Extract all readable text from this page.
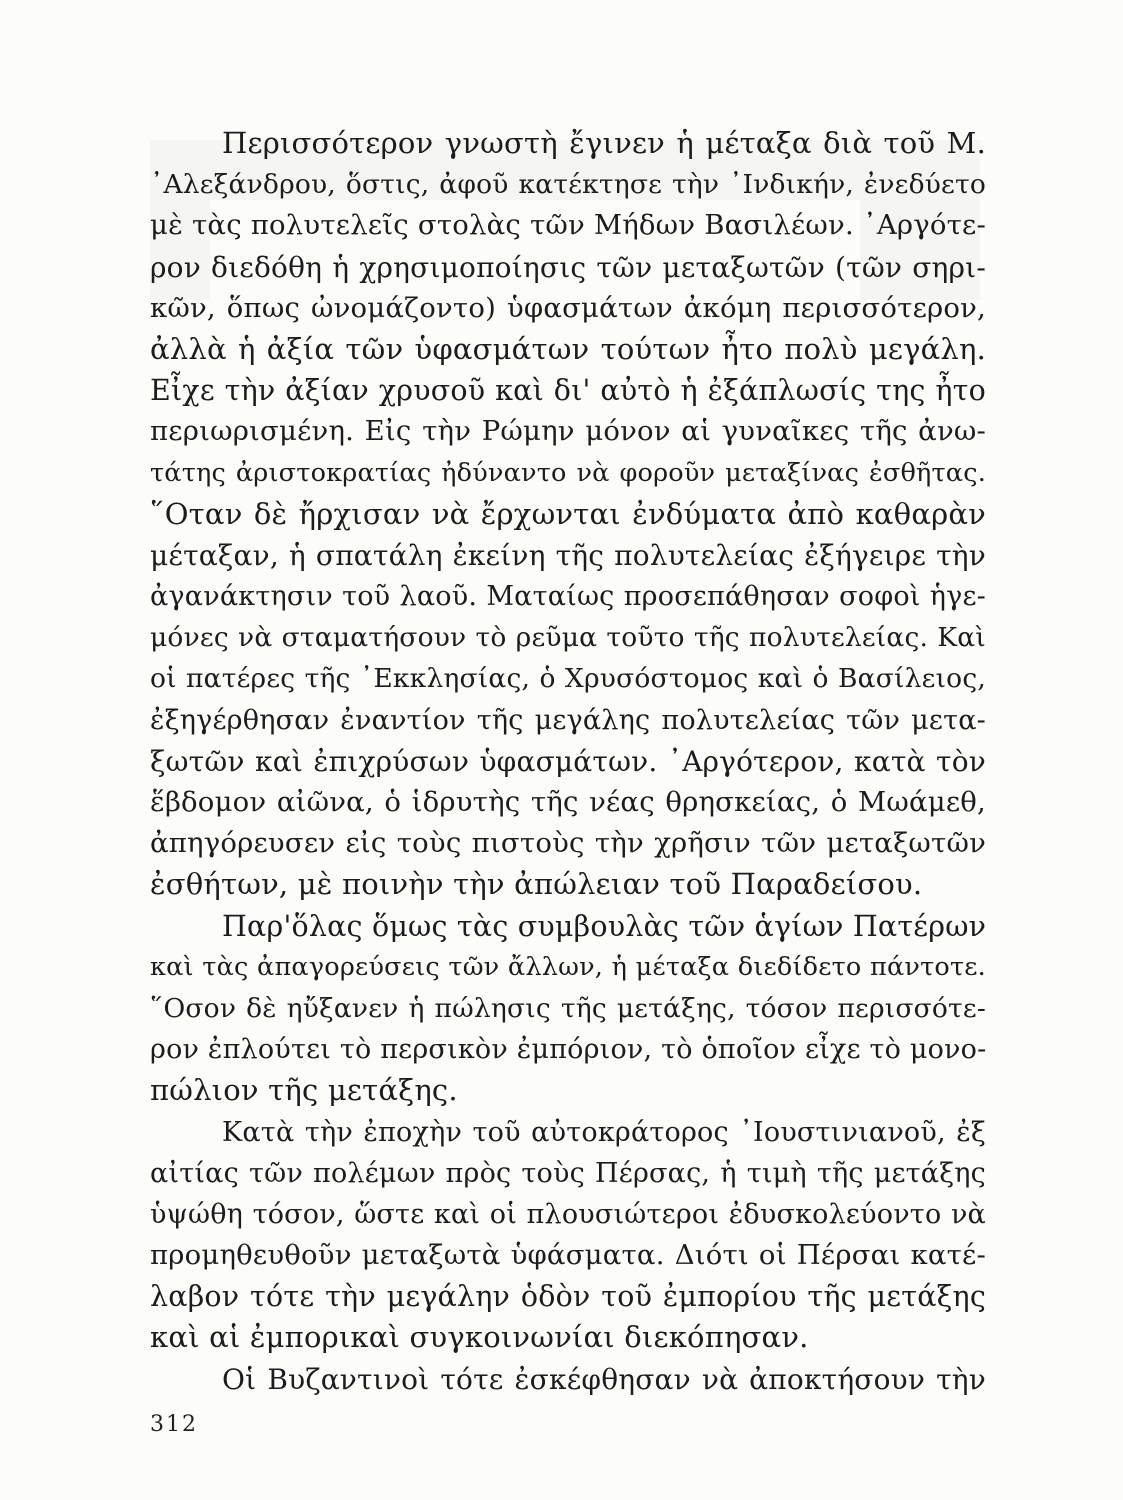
Περισσότερον γνωστὴ ἔγινεν ἡ μέταξα διὰ τοῦ Μ.
᾿Αλεξάνδρου, ὅστις, ἀφοῦ κατέκτησε τὴν ᾿Ινδικήν, ἐνεδύετο
μὲ τὰς πολυτελεῖς στολὰς τῶν Μήδων Βασιλέων. ᾿Αργότε-
ρον διεδόθη ἡ χρησιμοποίησις τῶν μεταξωτῶν (τῶν σηρι-
κῶν, ὅπως ὠνομάζοντο) ὑφασμάτων ἀκόμη περισσότερον,
ἀλλὰ ἡ ἀξία τῶν ὑφασμάτων τούτων ἦτο πολὺ μεγάλη.
Εἶχε τὴν ἀξίαν χρυσοῦ καὶ δι' αὐτὸ ἡ ἐξάπλωσίς της ἦτο
περιωρισμένη. Εἰς τὴν Ρώμην μόνον αἱ γυναῖκες τῆς ἀνω-
τάτης ἀριστοκρατίας ἠδύναντο νὰ φοροῦν μεταξίνας ἐσθῆτας.
῞Οταν δὲ ἤρχισαν νὰ ἔρχωνται ἐνδύματα ἀπὸ καθαρὰν
μέταξαν, ἡ σπατάλη ἐκείνη τῆς πολυτελείας ἐξήγειρε τὴν
ἀγανάκτησιν τοῦ λαοῦ. Ματαίως προσεπάθησαν σοφοὶ ἡγε-
μόνες νὰ σταματήσουν τὸ ρεῦμα τοῦτο τῆς πολυτελείας. Καὶ
οἱ πατέρες τῆς ᾿Εκκλησίας, ὁ Χρυσόστομος καὶ ὁ Βασίλειος,
ἐξηγέρθησαν ἐναντίον τῆς μεγάλης πολυτελείας τῶν μετα-
ξωτῶν καὶ ἐπιχρύσων ὑφασμάτων. ᾿Αργότερον, κατὰ τὸν
ἕβδομον αἰῶνα, ὁ ἱδρυτὴς τῆς νέας θρησκείας, ὁ Μωάμεθ,
ἀπηγόρευσεν εἰς τοὺς πιστοὺς τὴν χρῆσιν τῶν μεταξωτῶν
ἐσθήτων, μὲ ποινὴν τὴν ἀπώλειαν τοῦ Παραδείσου.
Παρ'ὅλας ὅμως τὰς συμβουλὰς τῶν ἁγίων Πατέρων
καὶ τὰς ἀπαγορεύσεις τῶν ἄλλων, ἡ μέταξα διεδίδετο πάντοτε.
῞Οσον δὲ ηὔξανεν ἡ πώλησις τῆς μετάξης, τόσον περισσότε-
ρον ἐπλούτει τὸ περσικὸν ἐμπόριον, τὸ ὁποῖον εἶχε τὸ μονο-
πώλιον τῆς μετάξης.
Κατὰ τὴν ἐποχὴν τοῦ αὐτοκράτορος ᾿Ιουστινιανοῦ, ἐξ
αἰτίας τῶν πολέμων πρὸς τοὺς Πέρσας, ἡ τιμὴ τῆς μετάξης
ὑψώθη τόσον, ὥστε καὶ οἱ πλουσιώτεροι ἐδυσκολεύοντο νὰ
προμηθευθοῦν μεταξωτὰ ὑφάσματα. Διότι οἱ Πέρσαι κατέ-
λαβον τότε τὴν μεγάλην ὁδὸν τοῦ ἐμπορίου τῆς μετάξης
καὶ αἱ ἐμπορικαὶ συγκοινωνίαι διεκόπησαν.
Οἱ Βυζαντινοὶ τότε ἐσκέφθησαν νὰ ἀποκτήσουν τὴν
312
